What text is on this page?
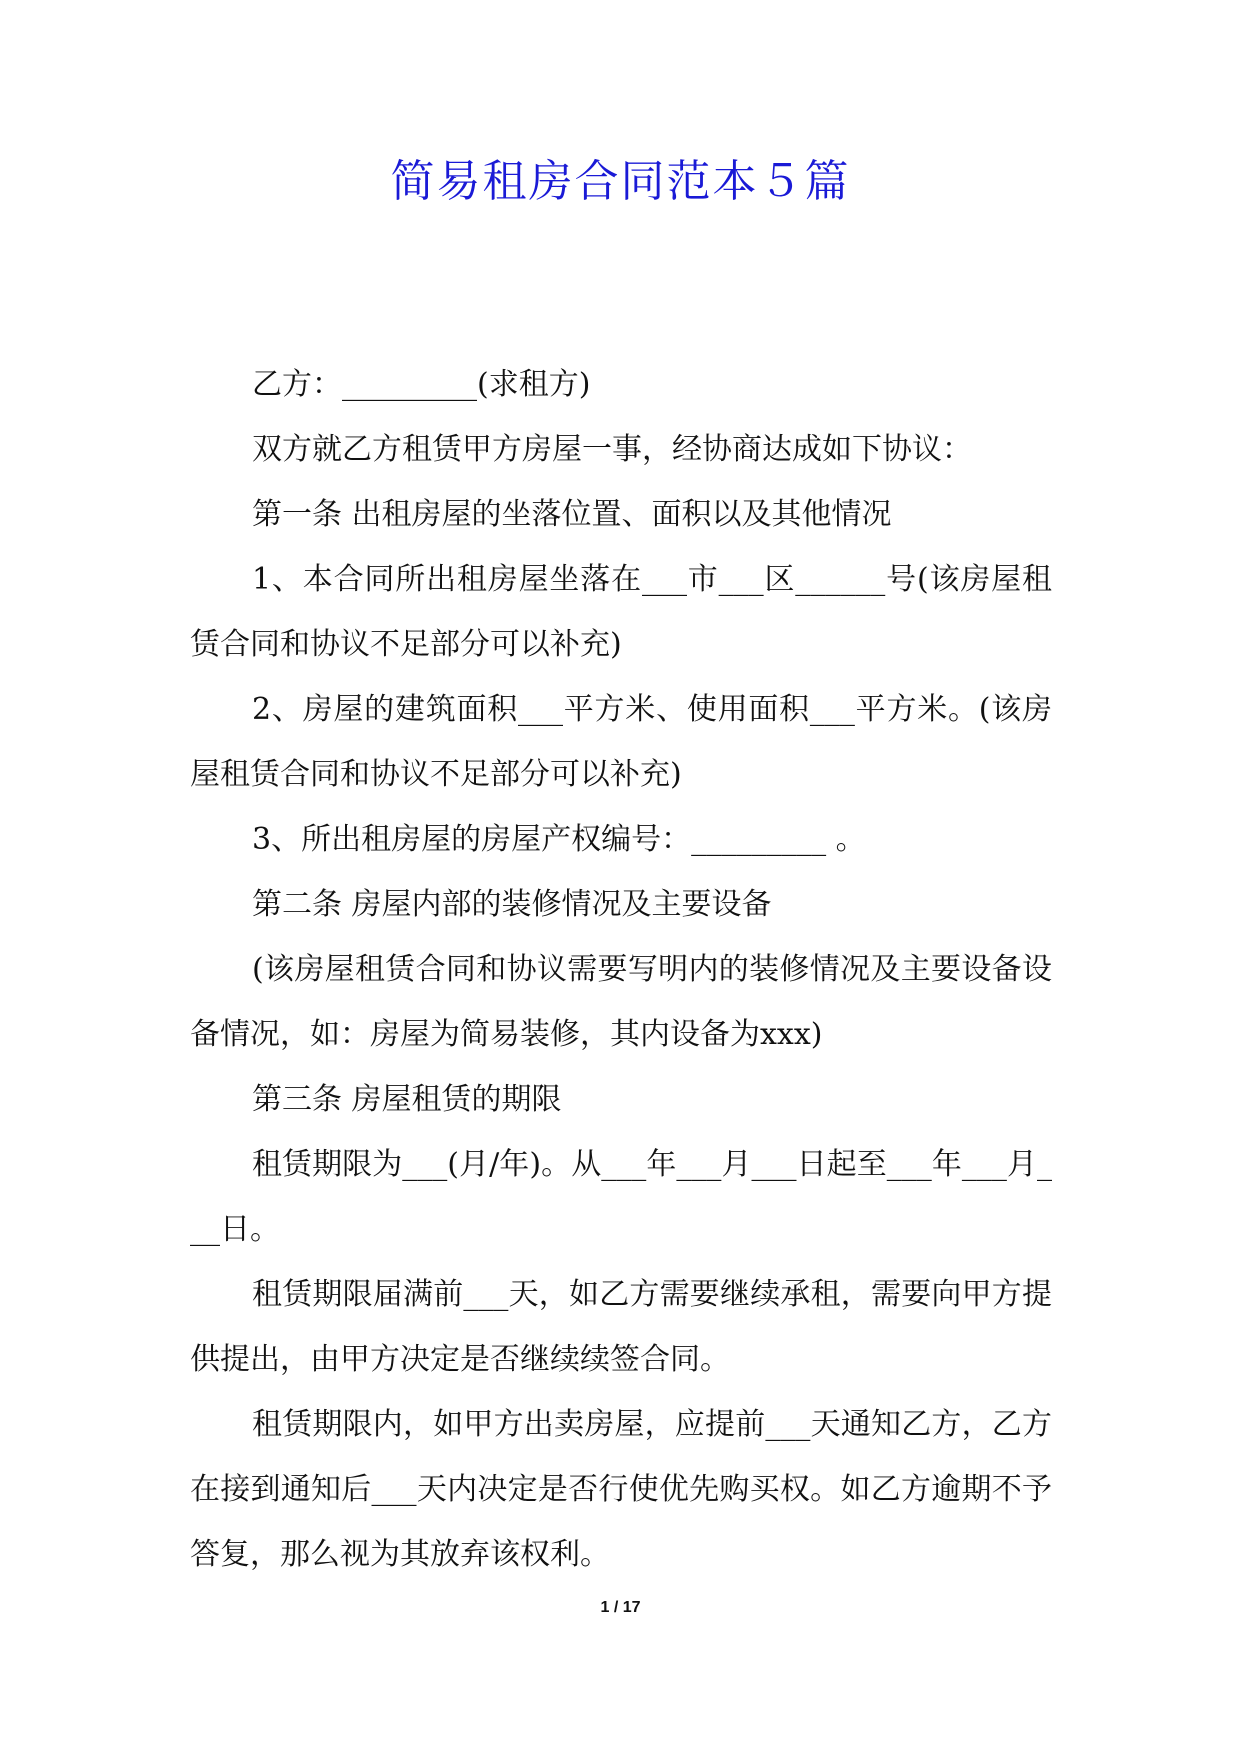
简易租房合同范本５篇

乙方：_________(求租方)

双方就乙方租赁甲方房屋一事，经协商达成如下协议：

第一条 出租房屋的坐落位置、面积以及其他情况

1、本合同所出租房屋坐落在___市___区______号(该房屋租赁合同和协议不足部分可以补充)

2、房屋的建筑面积___平方米、使用面积___平方米。(该房屋租赁合同和协议不足部分可以补充)

3、所出租房屋的房屋产权编号：_________ 。

第二条 房屋内部的装修情况及主要设备

(该房屋租赁合同和协议需要写明内的装修情况及主要设备设备情况，如：房屋为简易装修，其内设备为xxx)

第三条 房屋租赁的期限

租赁期限为___(月/年)。从___年___月___日起至___年___月___日。

租赁期限届满前___天，如乙方需要继续承租，需要向甲方提供提出，由甲方决定是否继续续签合同。

租赁期限内，如甲方出卖房屋，应提前___天通知乙方，乙方在接到通知后___天内决定是否行使优先购买权。如乙方逾期不予答复，那么视为其放弃该权利。

1 / 17
